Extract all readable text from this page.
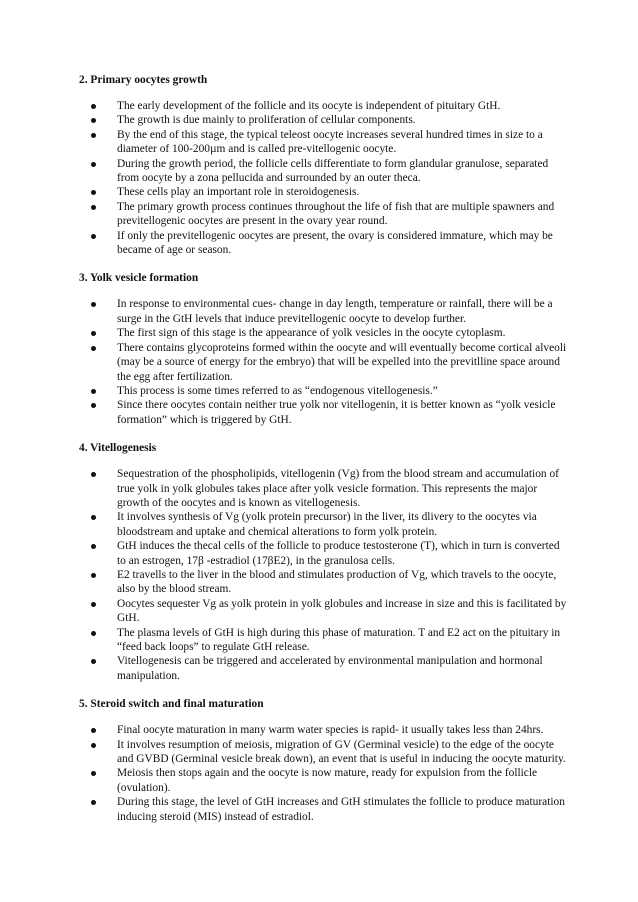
2. Primary oocytes growth
The early development of the follicle and its oocyte is independent of pituitary GtH.
The growth is due mainly to proliferation of cellular components.
By the end of this stage, the typical teleost oocyte increases several hundred times in size to a diameter of 100-200µm and is called pre-vitellogenic oocyte.
During the growth period, the follicle cells differentiate to form glandular granulose, separated from oocyte by a zona pellucida and surrounded by an outer theca.
These cells play an important role in steroidogenesis.
The primary growth process continues throughout the life of fish that are multiple spawners and previtellogenic oocytes are present in the ovary year round.
If only the previtellogenic oocytes are present, the ovary is considered immature, which may be became of age or season.
3. Yolk vesicle formation
In response to environmental cues- change in day length, temperature or rainfall, there will be a surge in the GtH levels that induce previtellogenic oocyte to develop further.
The first sign of this stage is the appearance of yolk vesicles in the oocyte cytoplasm.
There contains glycoproteins formed within the oocyte and will eventually become cortical alveoli (may be a source of energy for the embryo) that will be expelled into the previtlline space around the egg after fertilization.
This process is some times referred to as “endogenous vitellogenesis.”
Since there oocytes contain neither true yolk nor vitellogenin, it is better known as “yolk vesicle formation” which is triggered by GtH.
4. Vitellogenesis
Sequestration of the phospholipids, vitellogenin (Vg) from the blood stream and accumulation of true yolk in yolk globules takes place after yolk vesicle formation. This represents the major growth of the oocytes and is known as vitellogenesis.
It involves synthesis of Vg (yolk protein precursor) in the liver, its dlivery to the oocytes via bloodstream and uptake and chemical alterations to form yolk protein.
GtH induces the thecal cells of the follicle to produce testosterone (T), which in turn is converted to an estrogen, 17β -estradiol (17βE2), in the granulosa cells.
E2 travells to the liver in the blood and stimulates production of Vg, which travels to the oocyte, also by the blood stream.
Oocytes sequester Vg as yolk protein in yolk globules and increase in size and this is facilitated by GtH.
The plasma levels of GtH is high during this phase of maturation. T and E2 act on the pituitary in “feed back loops” to regulate GtH release.
Vitellogenesis can be triggered and accelerated by environmental manipulation and hormonal manipulation.
5. Steroid switch and final maturation
Final oocyte maturation in many warm water species is rapid- it usually takes less than 24hrs.
It involves resumption of meiosis, migration of GV (Germinal vesicle) to the edge of the oocyte and GVBD (Germinal vesicle break down), an event that is useful in inducing the oocyte maturity.
Meiosis then stops again and the oocyte is now mature, ready for expulsion from the follicle (ovulation).
During this stage, the level of GtH increases and GtH stimulates the follicle to produce maturation inducing steroid (MIS) instead of estradiol.
